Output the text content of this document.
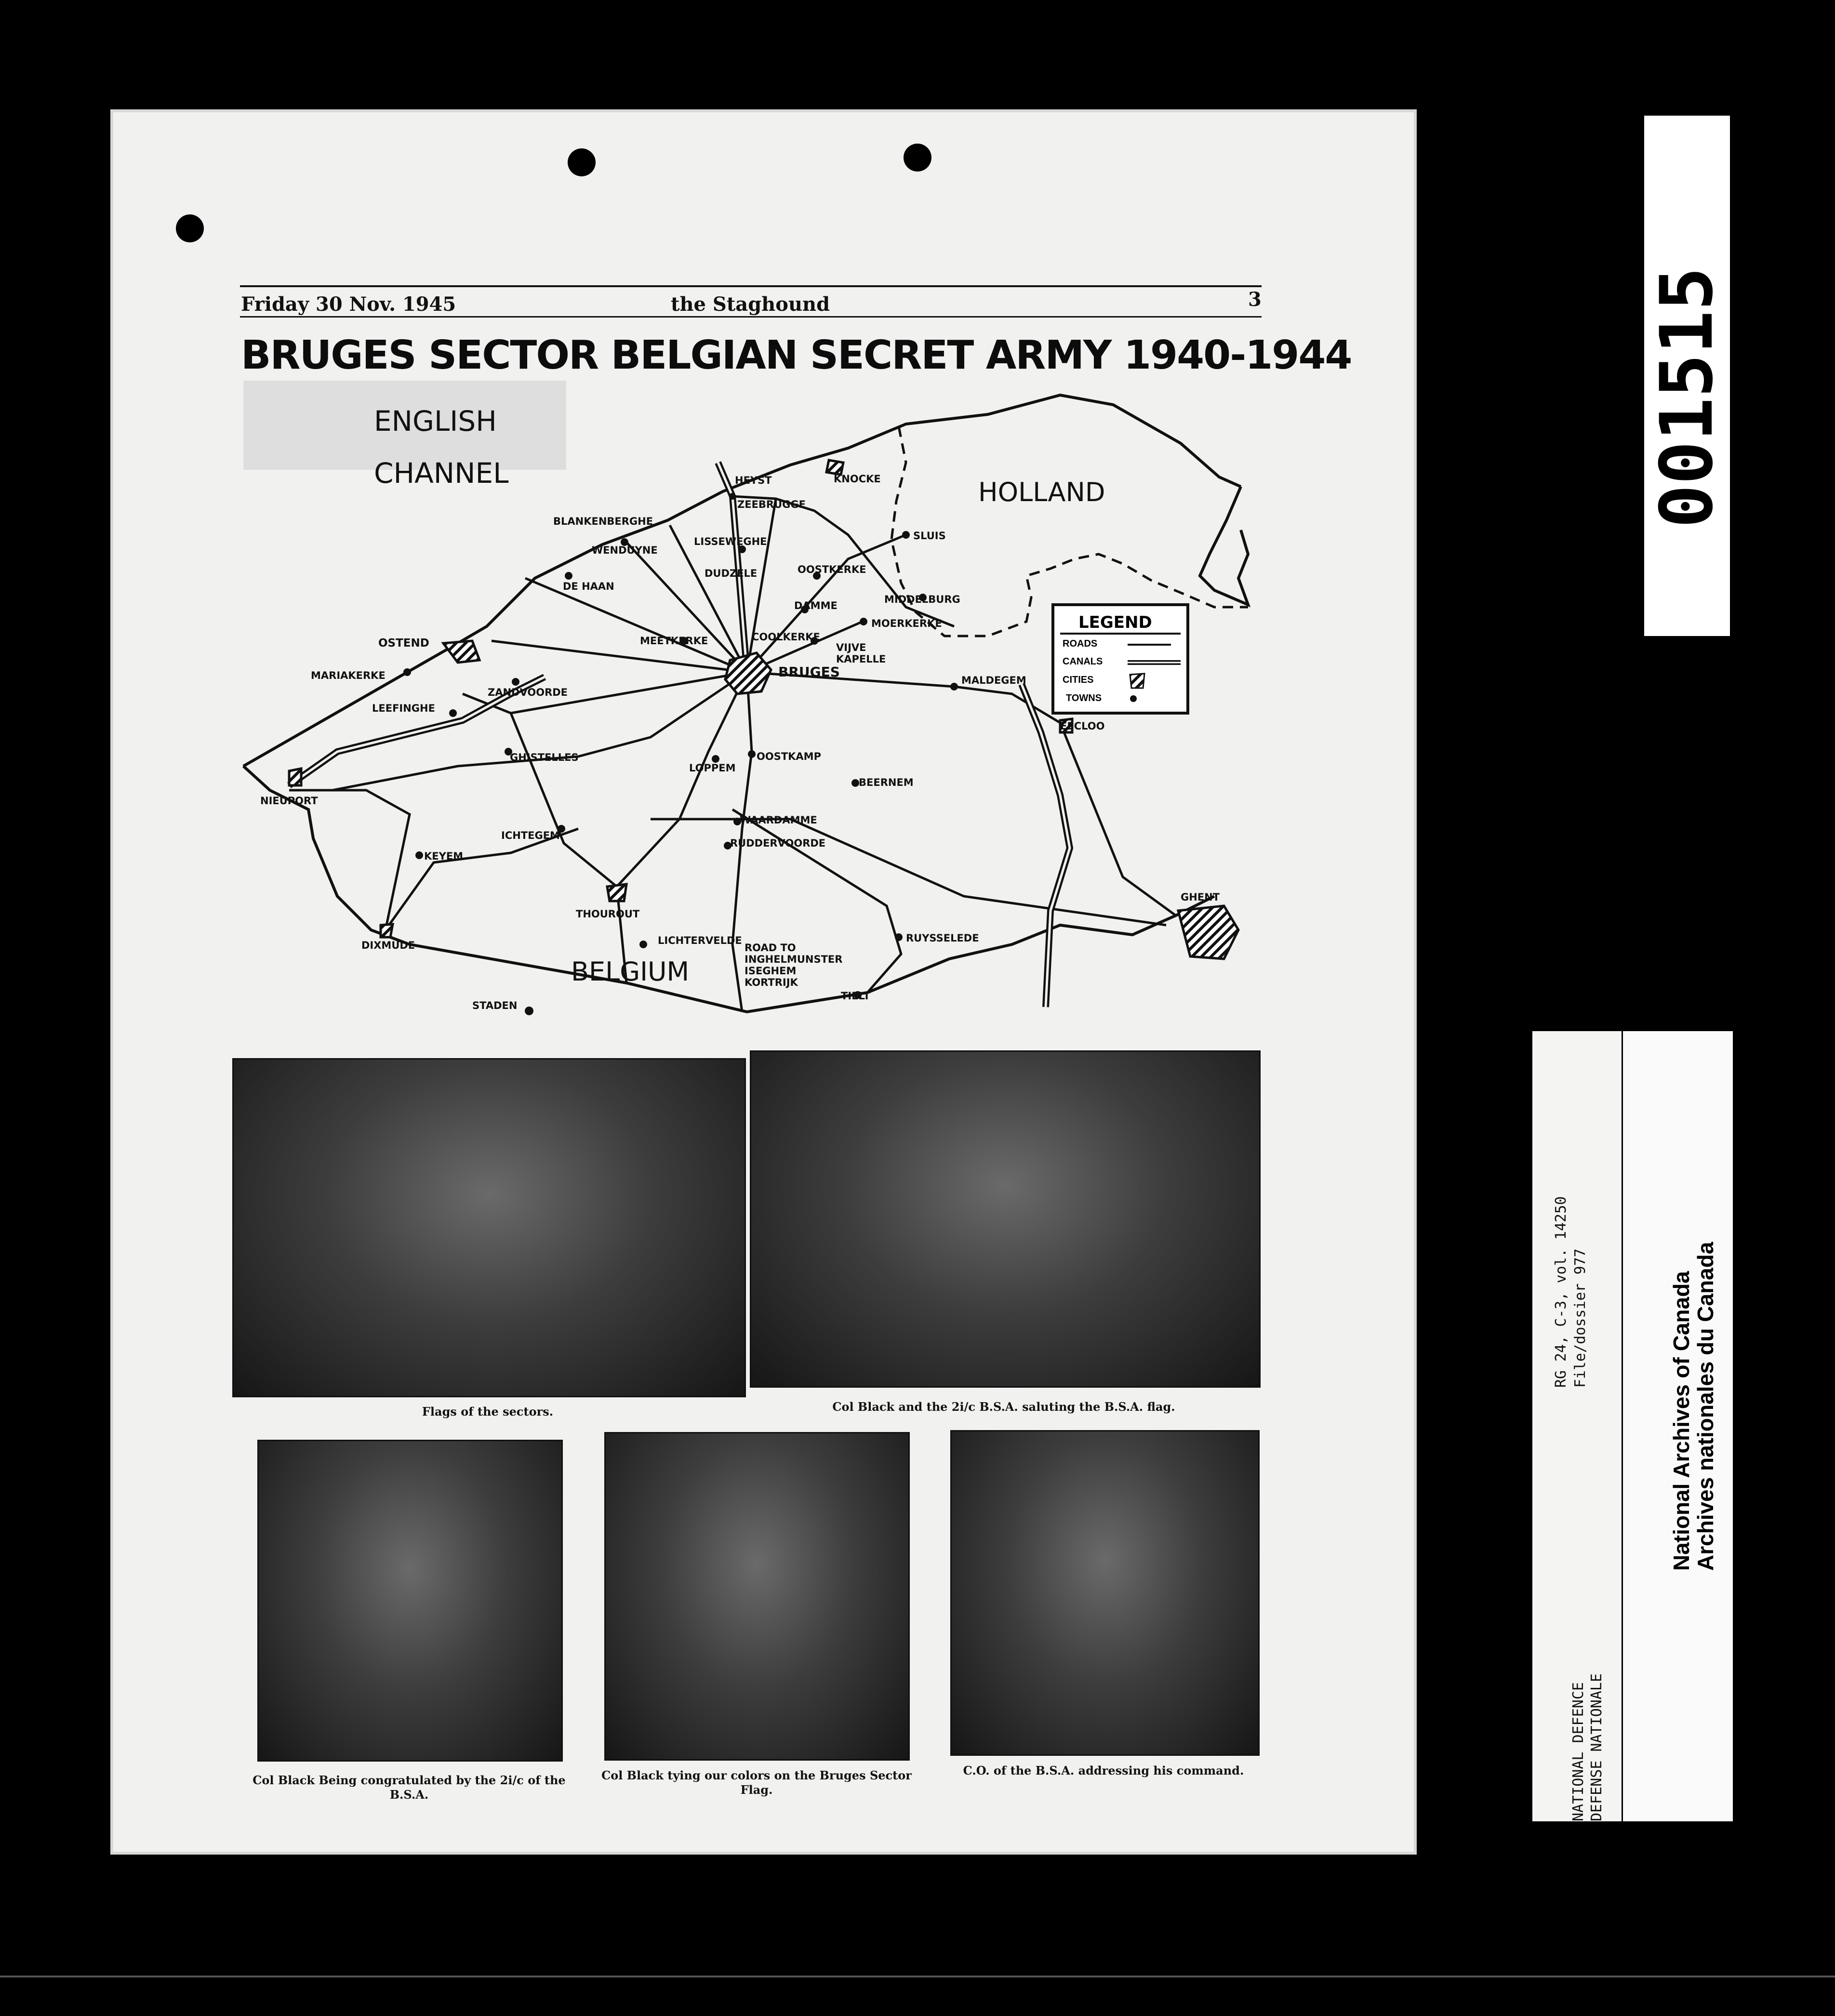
Friday 30 Nov. 1945	the Staghound	3
BRUGES SECTOR BELGIAN SECRET ARMY 1940-1944
ENGLISH
CHANNEL
HOLLAND
BELGIUM
LEGEND
ROADS
CANALS
CITIES
TOWNS
HEYST	KNOCKE
ZEEBRUGGE
BLANKENBERGHE
WENDUYNE
LISSEWEGHE	SLUIS
DUDZELE	OOSTKERKE
DE HAAN
DAMME
MIDDELBURG
MOERKERKE
MEETKERKE	COOLKERKE
VIJVE KAPELLE
OSTEND
BRUGES
MARIAKERKE
ZANDVOORDE
MALDEGEM
LEEFINGHE
EECLOO
GHISTELLES	OOSTKAMP
LOPPEM
BEERNEM
NIEUPORT
WAARDAMME
ICHTEGEM
RUDDERVOORDE
KEYEM
GHENT
THOUROUT
DIXMUDE	LICHTERVELDE	RUYSSELEDE
ROAD TO
INGHELMUNSTER
ISEGHEM
KORTRIJK
TIELT
STADEN
Flags of the sectors.	Col Black and the 2i/c B.S.A. saluting the B.S.A. flag.
Col Black Being congratulated by the 2i/c of the B.S.A.
Col Black tying our colors on the Bruges Sector Flag.
C.O. of the B.S.A. addressing his command.
001515
RG 24, C-3, vol. 14250 File/dossier 977
NATIONAL DEFENCE DEFENSE NATIONALE
National Archives of Canada
Archives nationales du Canada
